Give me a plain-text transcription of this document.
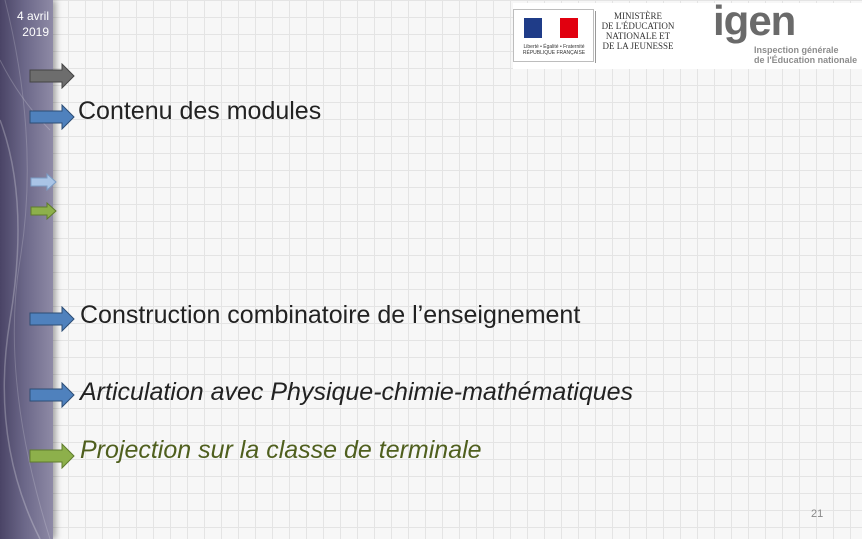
4 avril
2019
Liberté • Égalité • Fraternité
RÉPUBLIQUE FRANÇAISE
MINISTÈRE
DE L'ÉDUCATION
NATIONALE ET
DE LA JEUNESSE
igen
Inspection générale
de l'Éducation nationale
Contenu des modules
Construction combinatoire de l’enseignement
Articulation avec Physique-chimie-mathématiques
Projection sur la classe de terminale
21
